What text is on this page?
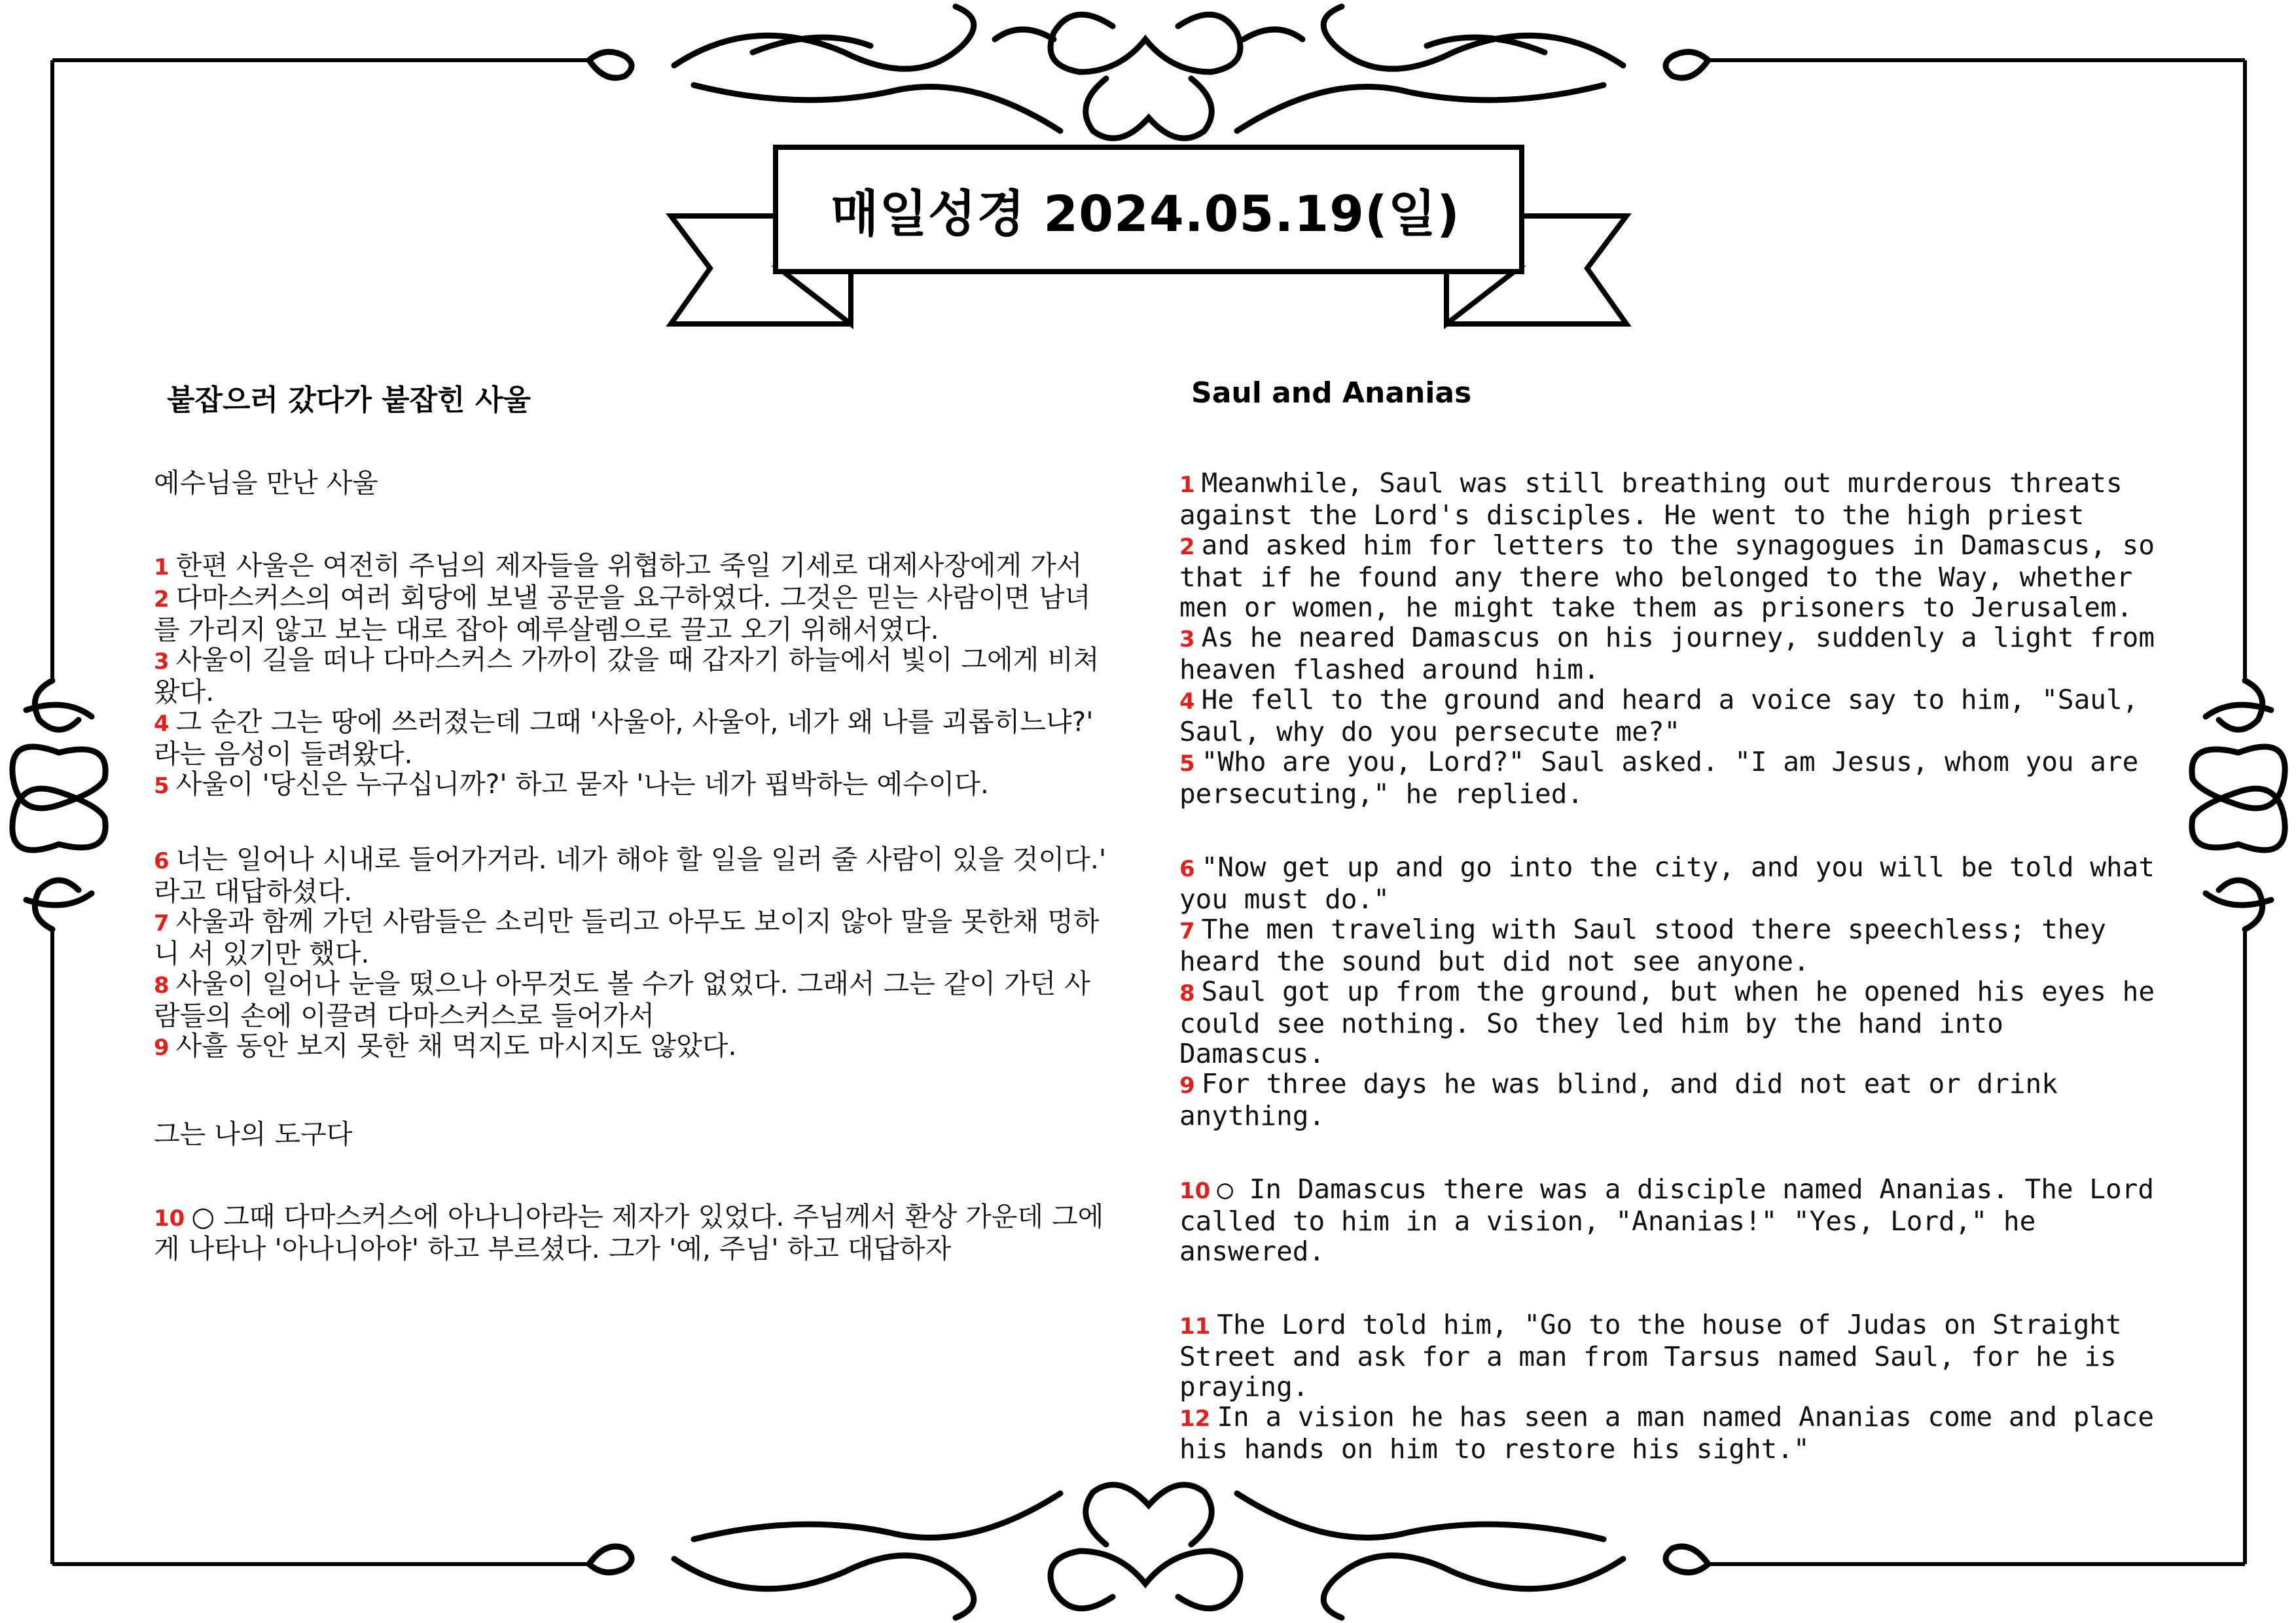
매일성경 2024.05.19(일)
붙잡으러 갔다가 붙잡힌 사울	Saul and Ananias

예수님을 만난 사울

1 한편 사울은 여전히 주님의 제자들을 위협하고 죽일 기세로 대제사장에게 가서

2 다마스커스의 여러 회당에 보낼 공문을 요구하였다. 그것은 믿는 사람이면 남녀를 가리지 않고 보는 대로 잡아 예루살렘으로 끌고 오기 위해서였다.

3 사울이 길을 떠나 다마스커스 가까이 갔을 때 갑자기 하늘에서 빛이 그에게 비쳐 왔다.

4 그 순간 그는 땅에 쓰러졌는데 그때 '사울아, 사울아, 네가 왜 나를 괴롭히느냐?' 라는 음성이 들려왔다.

5 사울이 '당신은 누구십니까?' 하고 묻자 '나는 네가 핍박하는 예수이다.

6 너는 일어나 시내로 들어가거라. 네가 해야 할 일을 일러 줄 사람이 있을 것이다.' 라고 대답하셨다.

7 사울과 함께 가던 사람들은 소리만 들리고 아무도 보이지 않아 말을 못한채 멍하니 서 있기만 했다.

8 사울이 일어나 눈을 떴으나 아무것도 볼 수가 없었다. 그래서 그는 같이 가던 사람들의 손에 이끌려 다마스커스로 들어가서

9 사흘 동안 보지 못한 채 먹지도 마시지도 않았다.

그는 나의 도구다

10 ○ 그때 다마스커스에 아나니아라는 제자가 있었다. 주님께서 환상 가운데 그에게 나타나 '아나니아야' 하고 부르셨다. 그가 '예, 주님' 하고 대답하자

1 Meanwhile, Saul was still breathing out murderous threats against the Lord's disciples. He went to the high priest

2 and asked him for letters to the synagogues in Damascus, so that if he found any there who belonged to the Way, whether men or women, he might take them as prisoners to Jerusalem.

3 As he neared Damascus on his journey, suddenly a light from heaven flashed around him.

4 He fell to the ground and heard a voice say to him, "Saul, Saul, why do you persecute me?"

5 "Who are you, Lord?" Saul asked. "I am Jesus, whom you are persecuting," he replied.

6 "Now get up and go into the city, and you will be told what you must do."

7 The men traveling with Saul stood there speechless; they heard the sound but did not see anyone.

8 Saul got up from the ground, but when he opened his eyes he could see nothing. So they led him by the hand into Damascus.

9 For three days he was blind, and did not eat or drink anything.

10 ○ In Damascus there was a disciple named Ananias. The Lord called to him in a vision, "Ananias!" "Yes, Lord," he answered.

11 The Lord told him, "Go to the house of Judas on Straight Street and ask for a man from Tarsus named Saul, for he is praying.

12 In a vision he has seen a man named Ananias come and place his hands on him to restore his sight."
